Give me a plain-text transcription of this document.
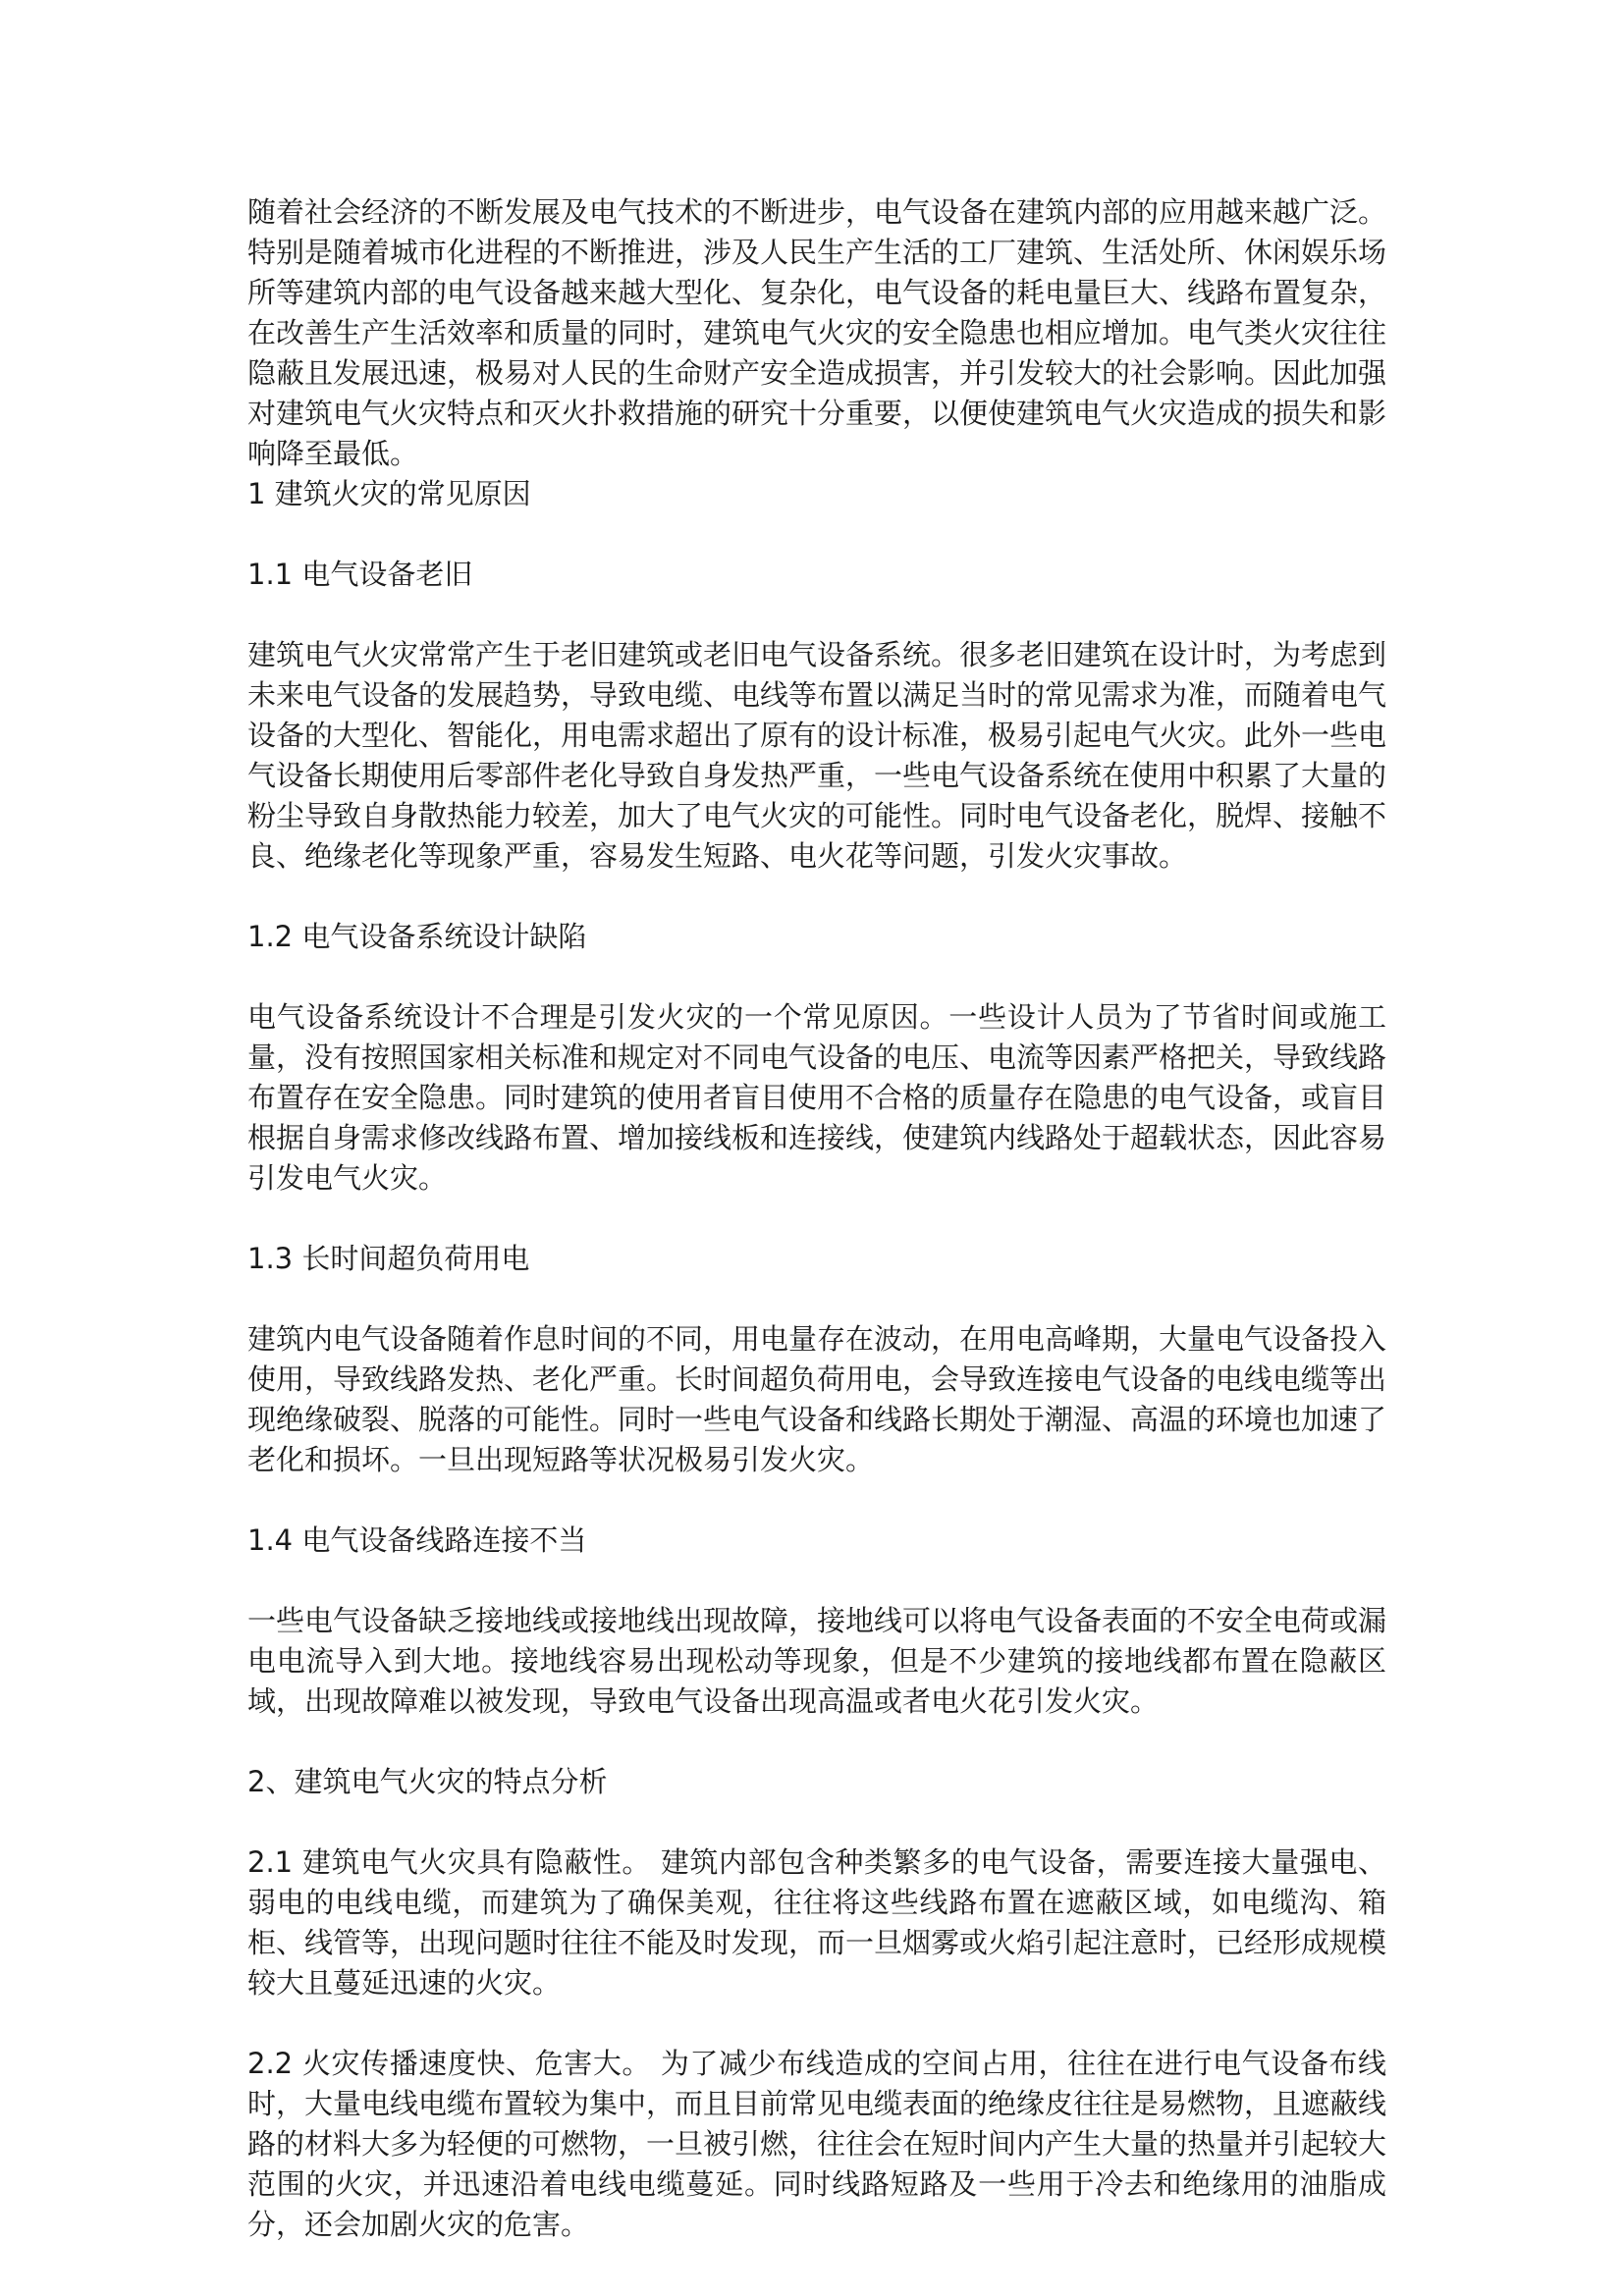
随着社会经济的不断发展及电气技术的不断进步，电气设备在建筑内部的应用越来越广泛。特别是随着城市化进程的不断推进，涉及人民生产生活的工厂建筑、生活处所、休闲娱乐场所等建筑内部的电气设备越来越大型化、复杂化，电气设备的耗电量巨大、线路布置复杂，在改善生产生活效率和质量的同时，建筑电气火灾的安全隐患也相应增加。电气类火灾往往隐蔽且发展迅速，极易对人民的生命财产安全造成损害，并引发较大的社会影响。因此加强对建筑电气火灾特点和灭火扑救措施的研究十分重要，以便使建筑电气火灾造成的损失和影响降至最低。

1 建筑火灾的常见原因

1.1 电气设备老旧

建筑电气火灾常常产生于老旧建筑或老旧电气设备系统。很多老旧建筑在设计时，为考虑到未来电气设备的发展趋势，导致电缆、电线等布置以满足当时的常见需求为准，而随着电气设备的大型化、智能化，用电需求超出了原有的设计标准，极易引起电气火灾。此外一些电气设备长期使用后零部件老化导致自身发热严重，一些电气设备系统在使用中积累了大量的粉尘导致自身散热能力较差，加大了电气火灾的可能性。同时电气设备老化，脱焊、接触不良、绝缘老化等现象严重，容易发生短路、电火花等问题，引发火灾事故。

1.2 电气设备系统设计缺陷

电气设备系统设计不合理是引发火灾的一个常见原因。一些设计人员为了节省时间或施工量，没有按照国家相关标准和规定对不同电气设备的电压、电流等因素严格把关，导致线路布置存在安全隐患。同时建筑的使用者盲目使用不合格的质量存在隐患的电气设备，或盲目根据自身需求修改线路布置、增加接线板和连接线，使建筑内线路处于超载状态，因此容易引发电气火灾。

1.3 长时间超负荷用电

建筑内电气设备随着作息时间的不同，用电量存在波动，在用电高峰期，大量电气设备投入使用，导致线路发热、老化严重。长时间超负荷用电，会导致连接电气设备的电线电缆等出现绝缘破裂、脱落的可能性。同时一些电气设备和线路长期处于潮湿、高温的环境也加速了老化和损坏。一旦出现短路等状况极易引发火灾。

1.4 电气设备线路连接不当

一些电气设备缺乏接地线或接地线出现故障，接地线可以将电气设备表面的不安全电荷或漏电电流导入到大地。接地线容易出现松动等现象，但是不少建筑的接地线都布置在隐蔽区域，出现故障难以被发现，导致电气设备出现高温或者电火花引发火灾。

2、建筑电气火灾的特点分析

2.1 建筑电气火灾具有隐蔽性。 建筑内部包含种类繁多的电气设备，需要连接大量强电、弱电的电线电缆，而建筑为了确保美观，往往将这些线路布置在遮蔽区域，如电缆沟、箱柜、线管等，出现问题时往往不能及时发现，而一旦烟雾或火焰引起注意时，已经形成规模较大且蔓延迅速的火灾。

2.2 火灾传播速度快、危害大。 为了减少布线造成的空间占用，往往在进行电气设备布线时，大量电线电缆布置较为集中，而且目前常见电缆表面的绝缘皮往往是易燃物，且遮蔽线路的材料大多为轻便的可燃物，一旦被引燃，往往会在短时间内产生大量的热量并引起较大范围的火灾，并迅速沿着电线电缆蔓延。同时线路短路及一些用于冷去和绝缘用的油脂成分，还会加剧火灾的危害。
